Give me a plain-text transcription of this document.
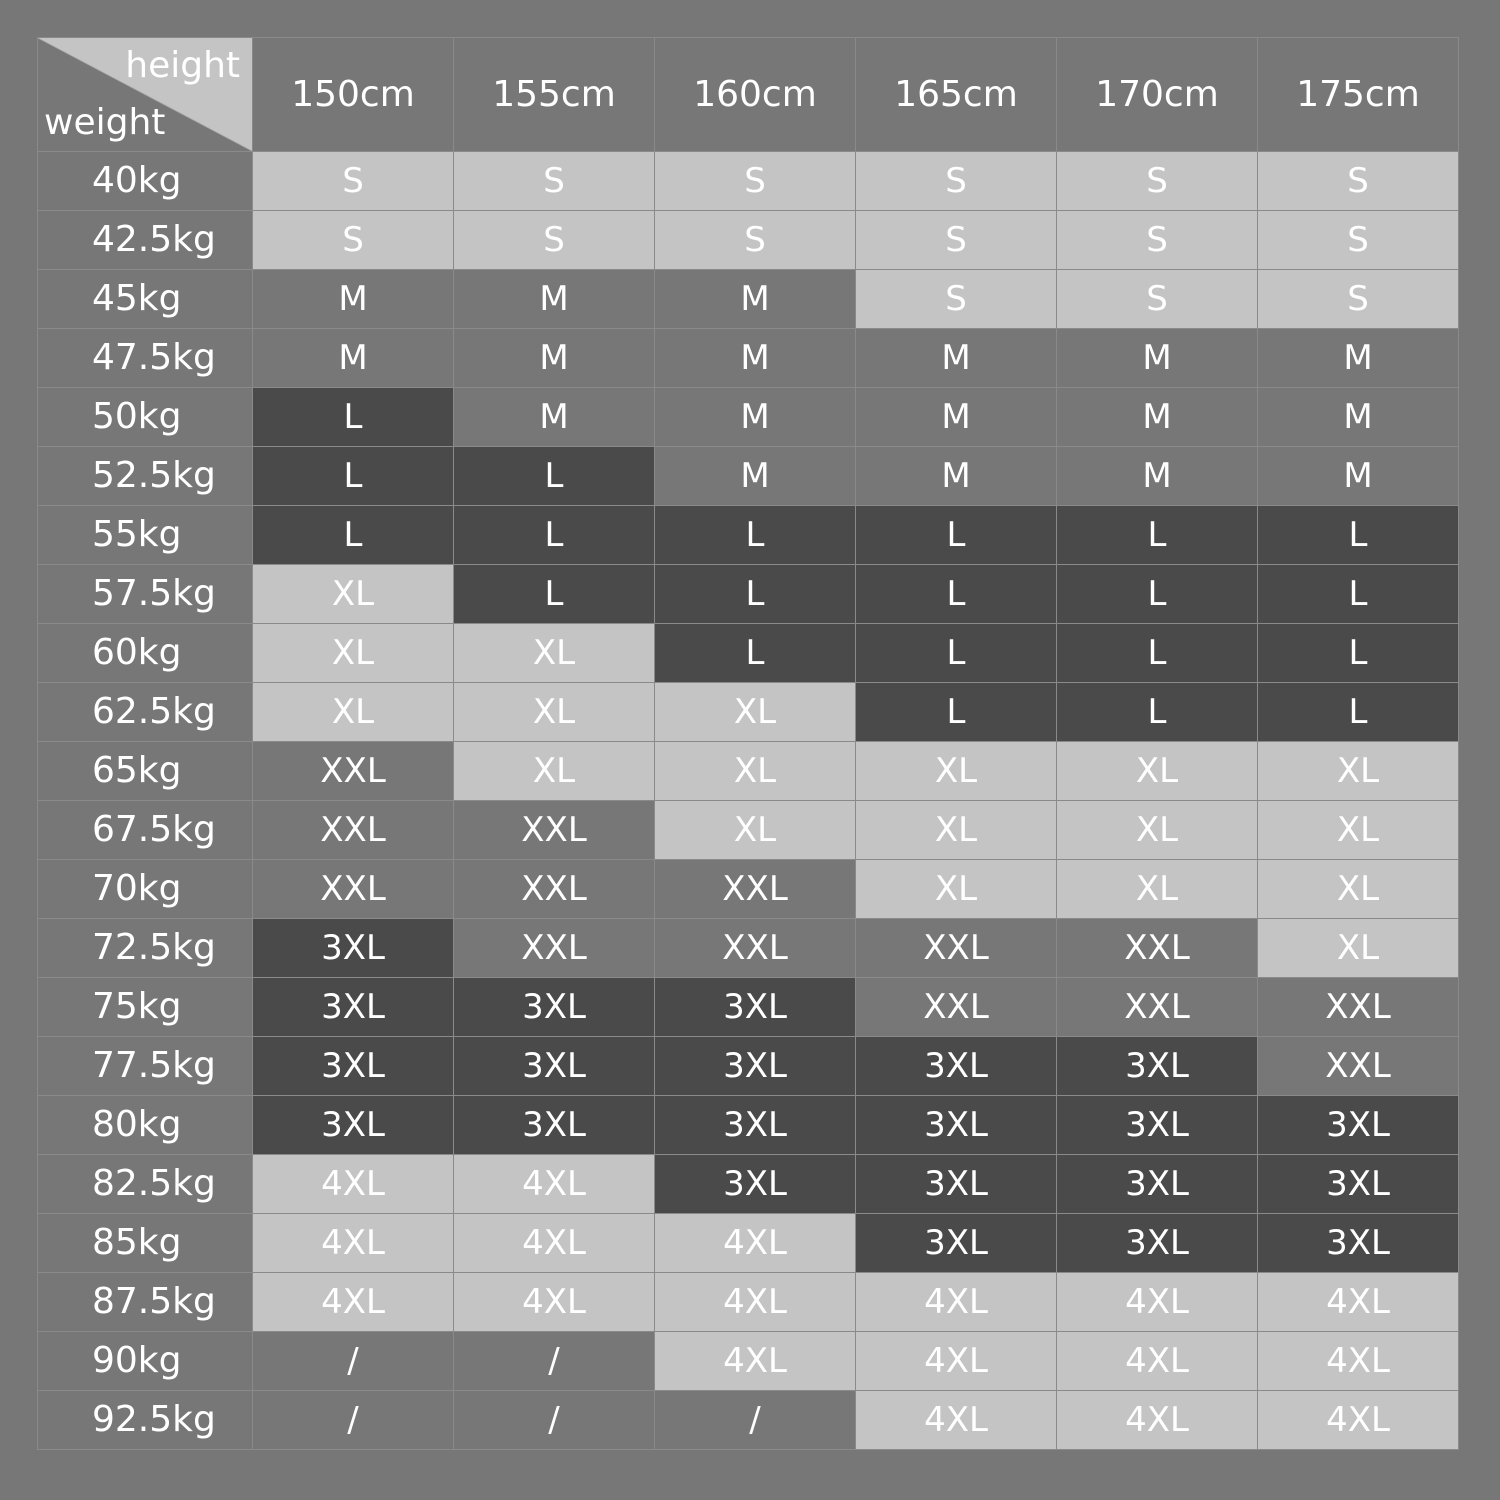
height
weight	150cm	155cm	160cm	165cm	170cm	175cm
40kg	S	S	S	S	S	S
42.5kg	S	S	S	S	S	S
45kg	M	M	M	S	S	S
47.5kg	M	M	M	M	M	M
50kg	L	M	M	M	M	M
52.5kg	L	L	M	M	M	M
55kg	L	L	L	L	L	L
57.5kg	XL	L	L	L	L	L
60kg	XL	XL	L	L	L	L
62.5kg	XL	XL	XL	L	L	L
65kg	XXL	XL	XL	XL	XL	XL
67.5kg	XXL	XXL	XL	XL	XL	XL
70kg	XXL	XXL	XXL	XL	XL	XL
72.5kg	3XL	XXL	XXL	XXL	XXL	XL
75kg	3XL	3XL	3XL	XXL	XXL	XXL
77.5kg	3XL	3XL	3XL	3XL	3XL	XXL
80kg	3XL	3XL	3XL	3XL	3XL	3XL
82.5kg	4XL	4XL	3XL	3XL	3XL	3XL
85kg	4XL	4XL	4XL	3XL	3XL	3XL
87.5kg	4XL	4XL	4XL	4XL	4XL	4XL
90kg	/	/	4XL	4XL	4XL	4XL
92.5kg	/	/	/	4XL	4XL	4XL
